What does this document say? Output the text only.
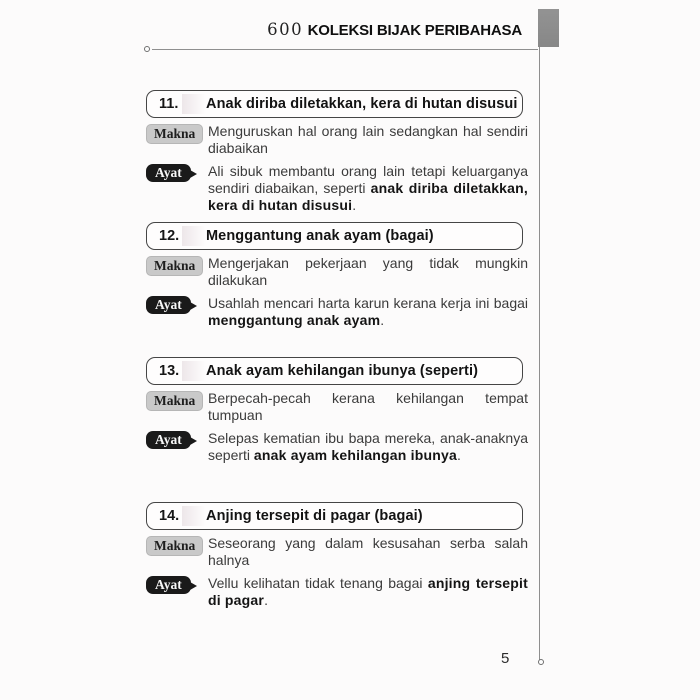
600 KOLEKSI BIJAK PERIBAHASA
5
11. Anak diriba diletakkan, kera di hutan disusui
Makna Menguruskan hal orang lain sedangkan hal sendiri diabaikan

Ayat	Ali sibuk membantu orang lain tetapi keluarganya sendiri diabaikan, seperti anak diriba diletakkan, kera di hutan disusui.

12. Menggantung anak ayam (bagai)
Makna Mengerjakan pekerjaan yang tidak mungkin dilakukan

Ayat	Usahlah mencari harta karun kerana kerja ini bagai menggantung anak ayam.

13. Anak ayam kehilangan ibunya (seperti)
Makna Berpecah-pecah kerana kehilangan tempat tumpuan

Ayat	Selepas kematian ibu bapa mereka, anak-anaknya seperti anak ayam kehilangan ibunya.

14. Anjing tersepit di pagar (bagai)
Makna Seseorang yang dalam kesusahan serba salah halnya

Ayat	Vellu kelihatan tidak tenang bagai anjing tersepit di pagar.
